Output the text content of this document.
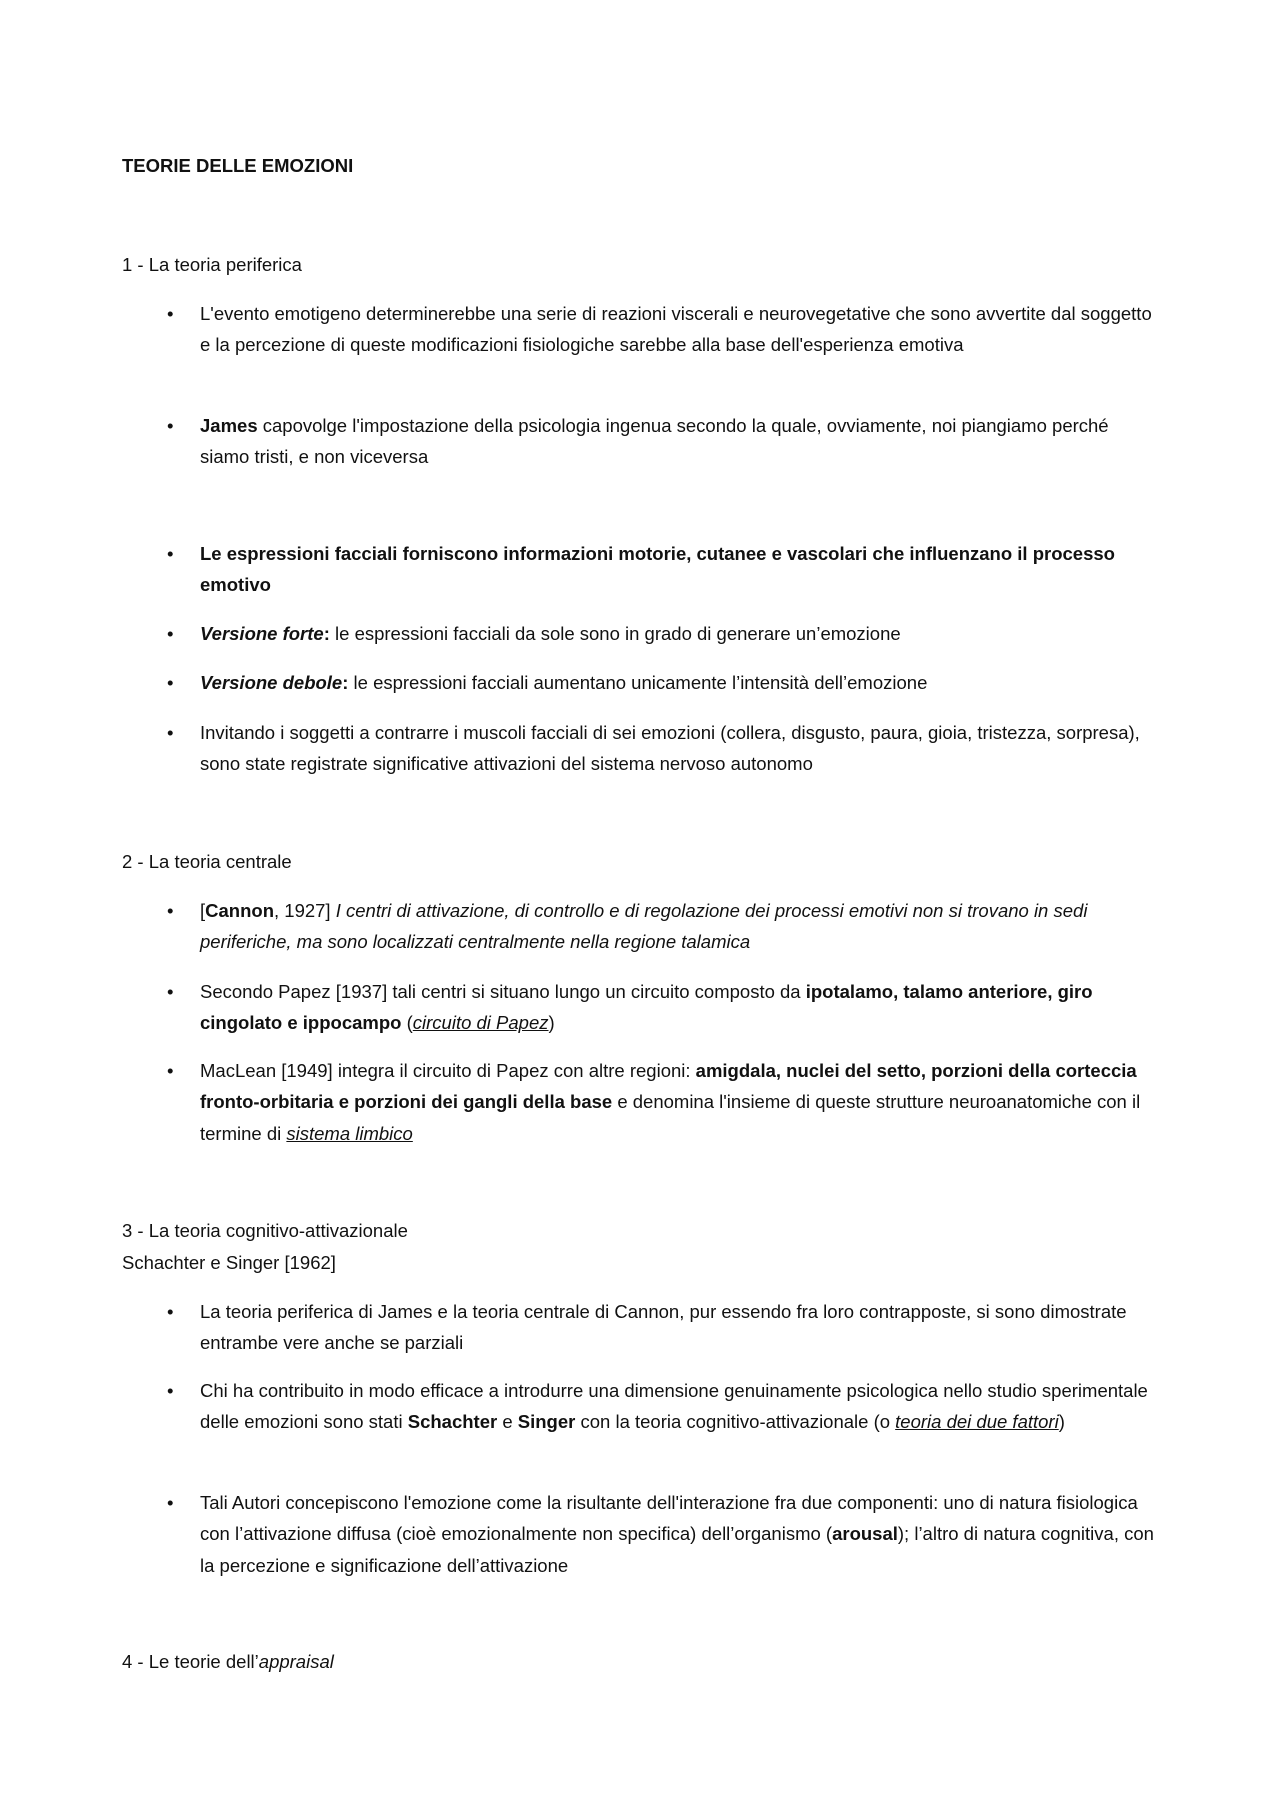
TEORIE DELLE EMOZIONI
1 - La teoria periferica
• L'evento emotigeno determinerebbe una serie di reazioni viscerali e neurovegetative che sono avvertite dal soggetto e la percezione di queste modificazioni fisiologiche sarebbe alla base dell'esperienza emotiva
• James capovolge l'impostazione della psicologia ingenua secondo la quale, ovviamente, noi piangiamo perché siamo tristi, e non viceversa
• Le espressioni facciali forniscono informazioni motorie, cutanee e vascolari che influenzano il processo emotivo
• Versione forte: le espressioni facciali da sole sono in grado di generare un’emozione
• Versione debole: le espressioni facciali aumentano unicamente l’intensità dell’emozione
• Invitando i soggetti a contrarre i muscoli facciali di sei emozioni (collera, disgusto, paura, gioia, tristezza, sorpresa), sono state registrate significative attivazioni del sistema nervoso autonomo
2 - La teoria centrale
• [Cannon, 1927] I centri di attivazione, di controllo e di regolazione dei processi emotivi non si trovano in sedi periferiche, ma sono localizzati centralmente nella regione talamica
• Secondo Papez [1937] tali centri si situano lungo un circuito composto da ipotalamo, talamo anteriore, giro cingolato e ippocampo (circuito di Papez)
• MacLean [1949] integra il circuito di Papez con altre regioni: amigdala, nuclei del setto, porzioni della corteccia fronto-orbitaria e porzioni dei gangli della base e denomina l'insieme di queste strutture neuroanatomiche con il termine di sistema limbico
3 - La teoria cognitivo-attivazionale
Schachter e Singer [1962]
• La teoria periferica di James e la teoria centrale di Cannon, pur essendo fra loro contrapposte, si sono dimostrate entrambe vere anche se parziali
• Chi ha contribuito in modo efficace a introdurre una dimensione genuinamente psicologica nello studio sperimentale delle emozioni sono stati Schachter e Singer con la teoria cognitivo-attivazionale (o teoria dei due fattori)
• Tali Autori concepiscono l'emozione come la risultante dell'interazione fra due componenti: uno di natura fisiologica con l’attivazione diffusa (cioè emozionalmente non specifica) dell’organismo (arousal); l’altro di natura cognitiva, con la percezione e significazione dell’attivazione
4 - Le teorie dell’appraisal
